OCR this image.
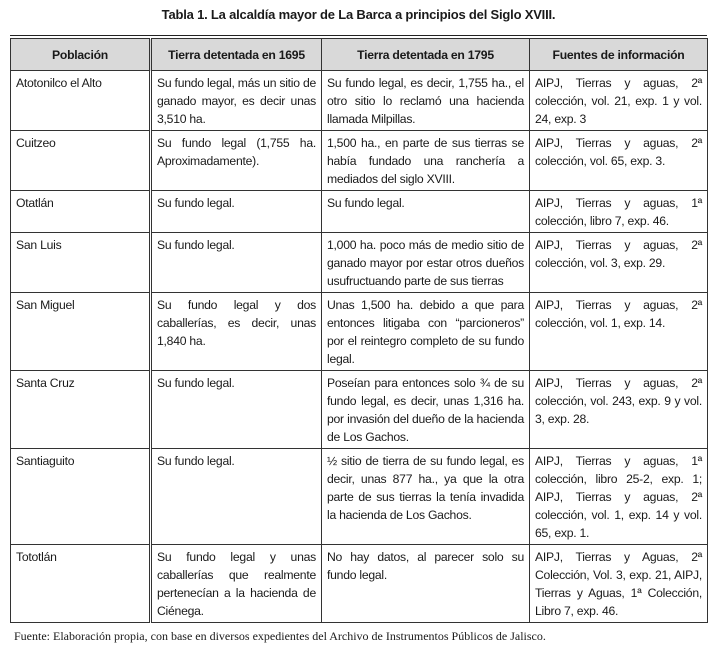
Tabla 1. La alcaldía mayor de La Barca a principios del Siglo XVIII.
Población	Tierra detentada en 1695	Tierra detentada en 1795	Fuentes de información
Atotonilco el Alto	Su fundo legal, más un sitio de ganado mayor, es decir unas 3,510 ha.	Su fundo legal, es decir, 1,755 ha., el otro sitio lo reclamó una hacienda llamada Milpillas.	AIPJ, Tierras y aguas, 2ª colección, vol. 21, exp. 1 y vol. 24, exp. 3
Cuitzeo	Su fundo legal (1,755 ha. Aproximadamente).	1,500 ha., en parte de sus tierras se había fundado una ranchería a mediados del siglo XVIII.	AIPJ, Tierras y aguas, 2ª colección, vol. 65, exp. 3.
Otatlán	Su fundo legal.	Su fundo legal.	AIPJ, Tierras y aguas, 1ª colección, libro 7, exp. 46.
San Luis	Su fundo legal.	1,000 ha. poco más de medio sitio de ganado mayor por estar otros dueños usufructuando parte de sus tierras	AIPJ, Tierras y aguas, 2ª colección, vol. 3, exp. 29.
San Miguel	Su fundo legal y dos caballerías, es decir, unas 1,840 ha.	Unas 1,500 ha. debido a que para entonces litigaba con “parcioneros” por el reintegro completo de su fundo legal.	AIPJ, Tierras y aguas, 2ª colección, vol. 1, exp. 14.
Santa Cruz	Su fundo legal.	Poseían para entonces solo ¾ de su fundo legal, es decir, unas 1,316 ha. por invasión del dueño de la hacienda de Los Gachos.	AIPJ, Tierras y aguas, 2ª colección, vol. 243, exp. 9 y vol. 3, exp. 28.
Santiaguito	Su fundo legal.	½ sitio de tierra de su fundo legal, es decir, unas 877 ha., ya que la otra parte de sus tierras la tenía invadida la hacienda de Los Gachos.	AIPJ, Tierras y aguas, 1ª colección, libro 25-2, exp. 1; AIPJ, Tierras y aguas, 2ª colección, vol. 1, exp. 14 y vol. 65, exp. 1.
Tototlán	Su fundo legal y unas caballerías que realmente pertenecían a la hacienda de Ciénega.	No hay datos, al parecer solo su fundo legal.	AIPJ, Tierras y Aguas, 2ª Colección, Vol. 3, exp. 21, AIPJ, Tierras y Aguas, 1ª Colección, Libro 7, exp. 46.
Fuente: Elaboración propia, con base en diversos expedientes del Archivo de Instrumentos Públicos de Jalisco.
